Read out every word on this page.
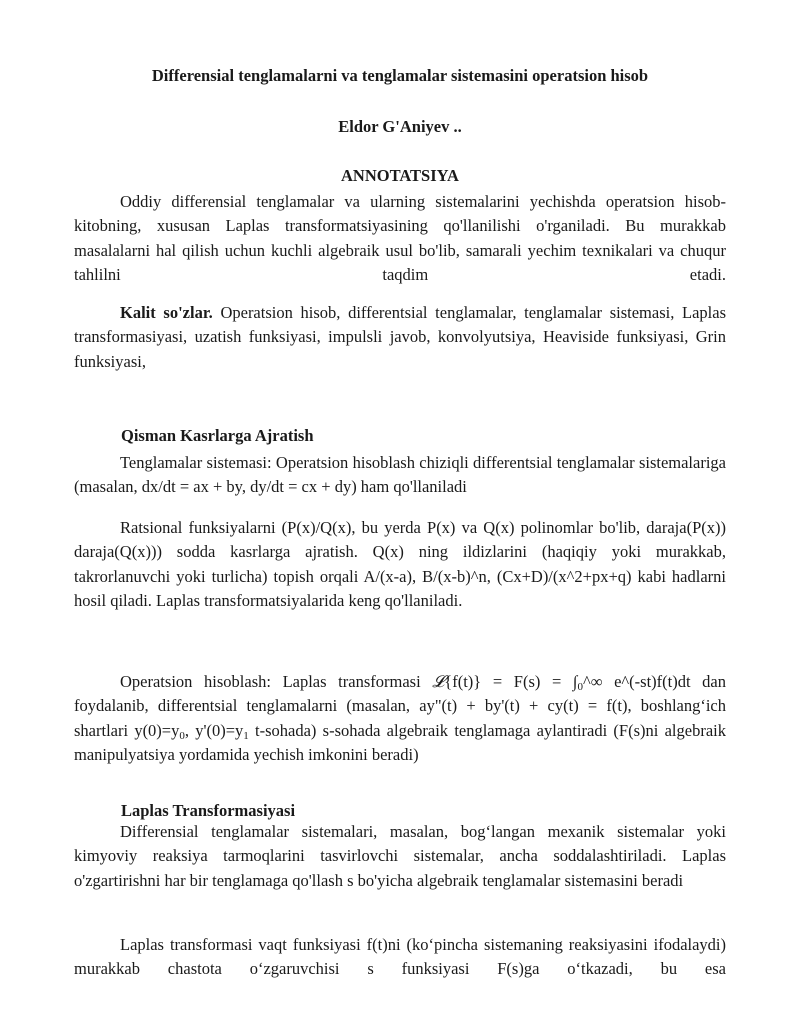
Differensial tenglamalarni va tenglamalar sistemasini operatsion hisob
Eldor G'Aniyev ..
ANNOTATSIYA
Oddiy differensial tenglamalar va ularning sistemalarini yechishda operatsion hisob-kitobning, xususan Laplas transformatsiyasining qo'llanilishi o'rganiladi. Bu murakkab masalalarni hal qilish uchun kuchli algebraik usul bo'lib, samarali yechim texnikalari va chuqur tahlilni taqdim etadi.
Kalit so'zlar. Operatsion hisob, differentsial tenglamalar, tenglamalar sistemasi, Laplas transformasiyasi, uzatish funksiyasi, impulsli javob, konvolyutsiya, Heaviside funksiyasi, Grin funksiyasi,
Qisman Kasrlarga Ajratish
Tenglamalar sistemasi: Operatsion hisoblash chiziqli differentsial tenglamalar sistemalariga (masalan, dx/dt = ax + by, dy/dt = cx + dy) ham qo'llaniladi
Ratsional funksiyalarni (P(x)/Q(x), bu yerda P(x) va Q(x) polinomlar bo'lib, daraja(P(x)) daraja(Q(x))) sodda kasrlarga ajratish. Q(x) ning ildizlarini (haqiqiy yoki murakkab, takrorlanuvchi yoki turlicha) topish orqali A/(x-a), B/(x-b)^n, (Cx+D)/(x^2+px+q) kabi hadlarni hosil qiladi. Laplas transformatsiyalarida keng qo'llaniladi.
Operatsion hisoblash: Laplas transformasi 𝓛{f(t)} = $F(s) = \int_0\^{}\infty$ e^(-st)f(t)dt dan foydalanib, differentsial tenglamalarni (masalan, ay"(t) + by'(t) + cy(t) = f(t), boshlang‘ich shartlari $y(0)=y_0$, $y'(0)=y_1$ t-sohada) s-sohada algebraik tenglamaga aylantiradi (F(s)ni algebraik manipulyatsiya yordamida yechish imkonini beradi)
Laplas Transformasiyasi
Differensial tenglamalar sistemalari, masalan, bog‘langan mexanik sistemalar yoki kimyoviy reaksiya tarmoqlarini tasvirlovchi sistemalar, ancha soddalashtiriladi. Laplas o'zgartirishni har bir tenglamaga qo'llash s bo'yicha algebraik tenglamalar sistemasini beradi
Laplas transformasi vaqt funksiyasi f(t)ni (ko‘pincha sistemaning reaksiyasini ifodalaydi) murakkab chastota o‘zgaruvchisi s funksiyasi F(s)ga o‘tkazadi, bu esa
